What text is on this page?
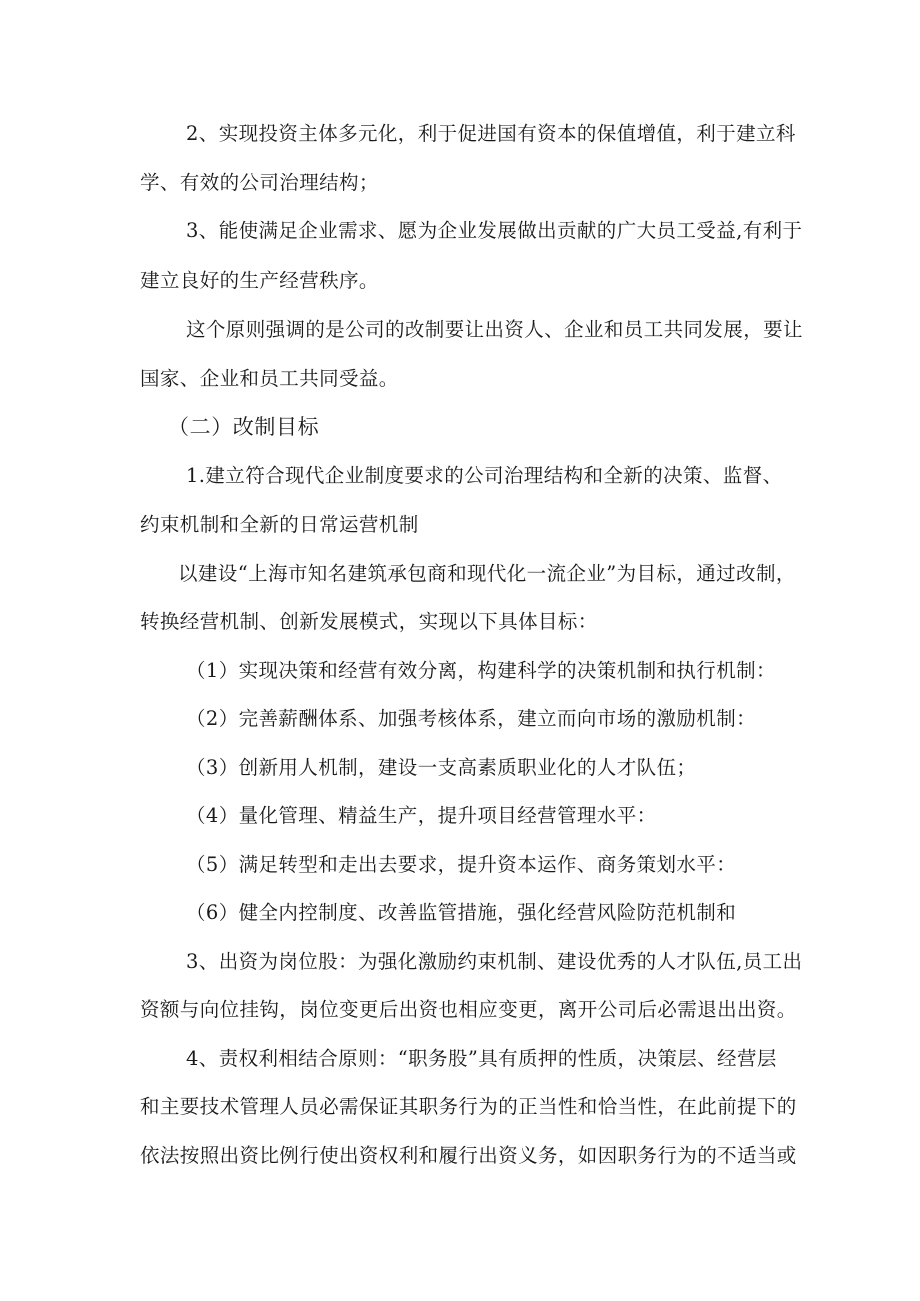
2、实现投资主体多元化，利于促进国有资本的保值增值，利于建立科
学、有效的公司治理结构；
3、能使满足企业需求、愿为企业发展做出贡献的广大员工受益,有利于
建立良好的生产经营秩序。
这个原则强调的是公司的改制要让出资人、企业和员工共同发展，要让
国家、企业和员工共同受益。
（二）改制目标
1.建立符合现代企业制度要求的公司治理结构和全新的决策、监督、
约束机制和全新的日常运营机制
以建设“上海市知名建筑承包商和现代化一流企业”为目标，通过改制，
转换经营机制、创新发展模式，实现以下具体目标：
（1）实现决策和经营有效分离，构建科学的决策机制和执行机制：
（2）完善薪酬体系、加强考核体系，建立而向市场的激励机制：
（3）创新用人机制，建设一支高素质职业化的人才队伍；
（4）量化管理、精益生产，提升项目经营管理水平：
（5）满足转型和走出去要求，提升资本运作、商务策划水平：
（6）健全内控制度、改善监管措施，强化经营风险防范机制和
3、出资为岗位股：为强化激励约束机制、建设优秀的人才队伍,员工出
资额与向位挂钩，岗位变更后出资也相应变更，离开公司后必需退出出资。
4、责权利相结合原则：“职务股”具有质押的性质，决策层、经营层
和主要技术管理人员必需保证其职务行为的正当性和恰当性，在此前提下的
依法按照出资比例行使出资权利和履行出资义务，如因职务行为的不适当或
